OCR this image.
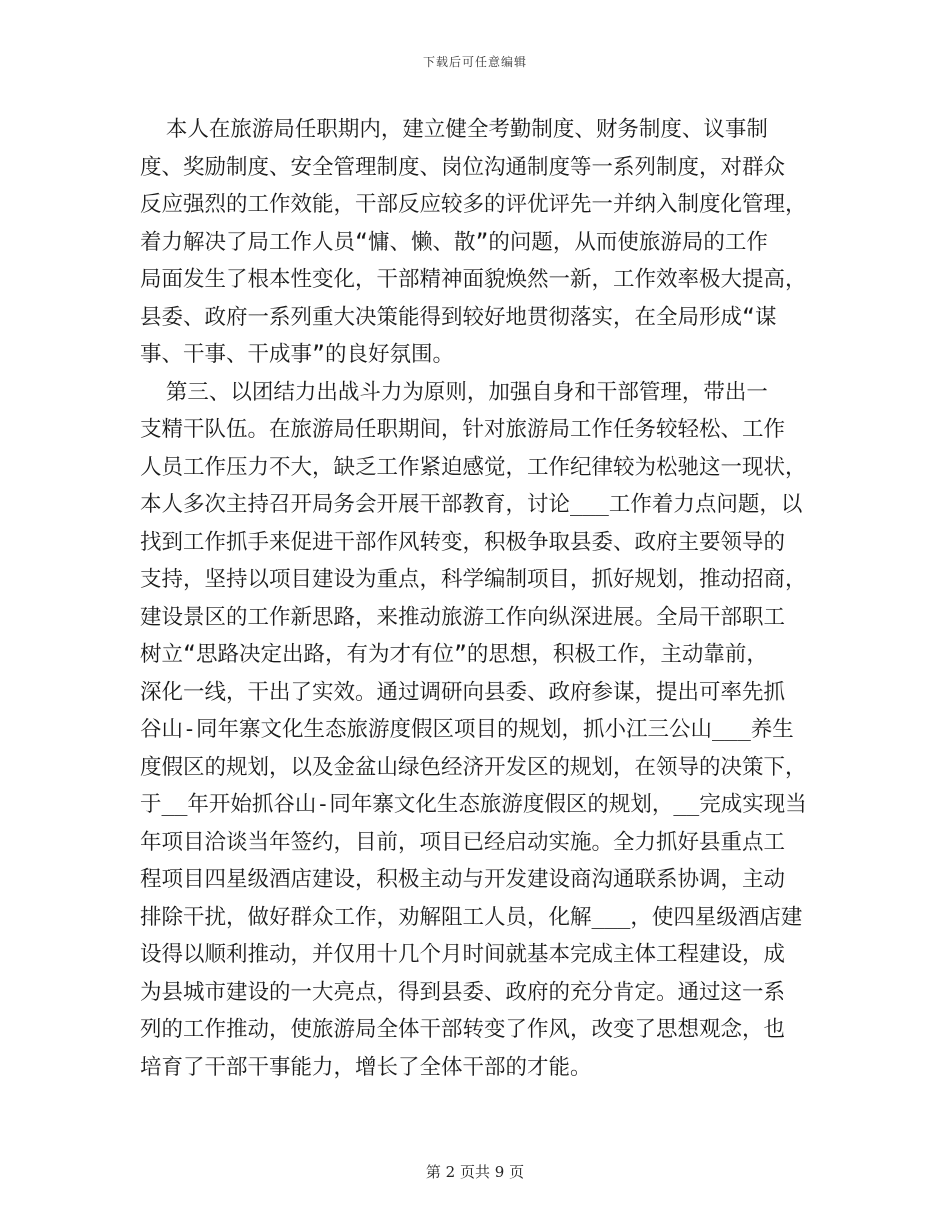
下载后可任意编辑
本人在旅游局任职期内，建立健全考勤制度、财务制度、议事制
度、奖励制度、安全管理制度、岗位沟通制度等一系列制度，对群众
反应强烈的工作效能，干部反应较多的评优评先一并纳入制度化管理，
着力解决了局工作人员“慵、懒、散”的问题，从而使旅游局的工作
局面发生了根本性变化，干部精神面貌焕然一新，工作效率极大提高，
县委、政府一系列重大决策能得到较好地贯彻落实，在全局形成“谋
事、干事、干成事”的良好氛围。
第三、以团结力出战斗力为原则，加强自身和干部管理，带出一
支精干队伍。在旅游局任职期间，针对旅游局工作任务较轻松、工作
人员工作压力不大，缺乏工作紧迫感觉，工作纪律较为松驰这一现状，
本人多次主持召开局务会开展干部教育，讨论___工作着力点问题，以
找到工作抓手来促进干部作风转变，积极争取县委、政府主要领导的
支持，坚持以项目建设为重点，科学编制项目，抓好规划，推动招商，
建设景区的工作新思路，来推动旅游工作向纵深进展。全局干部职工
树立“思路决定出路，有为才有位”的思想，积极工作，主动靠前，
深化一线，干出了实效。通过调研向县委、政府参谋，提出可率先抓
谷山-同年寨文化生态旅游度假区项目的规划，抓小江三公山___养生
度假区的规划，以及金盆山绿色经济开发区的规划，在领导的决策下，
于__年开始抓谷山-同年寨文化生态旅游度假区的规划，__完成实现当
年项目洽谈当年签约，目前，项目已经启动实施。全力抓好县重点工
程项目四星级酒店建设，积极主动与开发建设商沟通联系协调，主动
排除干扰，做好群众工作，劝解阻工人员，化解___，使四星级酒店建
设得以顺利推动，并仅用十几个月时间就基本完成主体工程建设，成
为县城市建设的一大亮点，得到县委、政府的充分肯定。通过这一系
列的工作推动，使旅游局全体干部转变了作风，改变了思想观念，也
培育了干部干事能力，增长了全体干部的才能。
第 2 页共 9 页
